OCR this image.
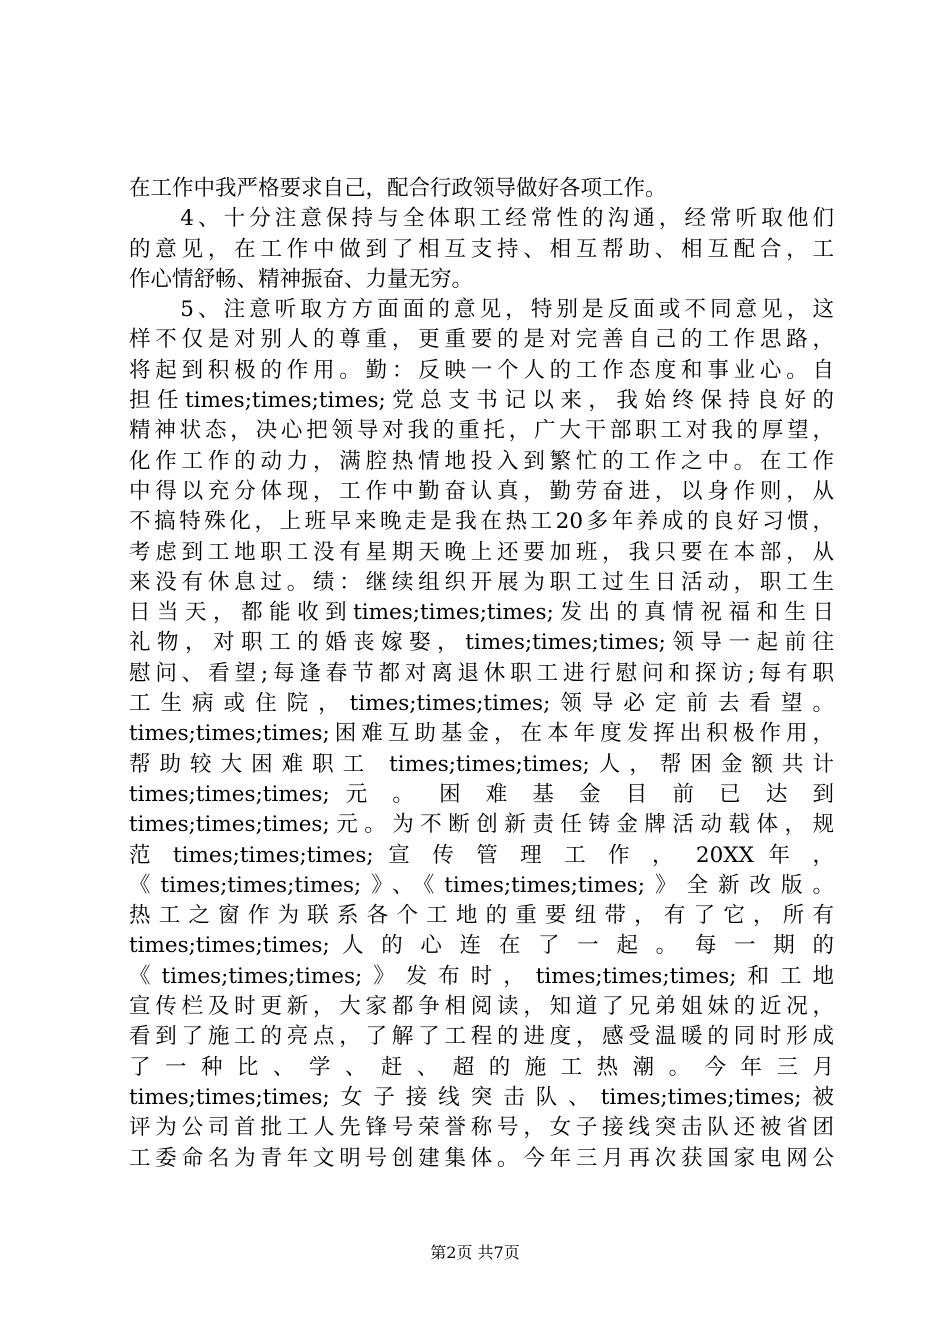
在工作中我严格要求自己，配合行政领导做好各项工作。
　　4、十分注意保持与全体职工经常性的沟通，经常听取他们
的意见，在工作中做到了相互支持、相互帮助、相互配合，工
作心情舒畅、精神振奋、力量无穷。
　　5、注意听取方方面面的意见，特别是反面或不同意见，这
样不仅是对别人的尊重，更重要的是对完善自己的工作思路，
将起到积极的作用。勤：反映一个人的工作态度和事业心。自
担任times;times;times;党总支书记以来，我始终保持良好的
精神状态，决心把领导对我的重托，广大干部职工对我的厚望，
化作工作的动力，满腔热情地投入到繁忙的工作之中。在工作
中得以充分体现，工作中勤奋认真，勤劳奋进，以身作则，从
不搞特殊化，上班早来晚走是我在热工20多年养成的良好习惯，
考虑到工地职工没有星期天晚上还要加班，我只要在本部，从
来没有休息过。绩：继续组织开展为职工过生日活动，职工生
日当天，都能收到times;times;times;发出的真情祝福和生日
礼物，对职工的婚丧嫁娶，times;times;times;领导一起前往
慰问、看望;每逢春节都对离退休职工进行慰问和探访;每有职
工生病或住院，times;times;times;领导必定前去看望。
times;times;times;困难互助基金，在本年度发挥出积极作用，
帮助较大困难职工 times;times;times;人，帮困金额共计
times;times;times; 元 。 困 难 基 金 目 前 已 达 到
times;times;times;元。为不断创新责任铸金牌活动载体，规
范 times;times;times; 宣 传 管 理 工 作 ， 20XX 年 ，
《times;times;times;》、《times;times;times;》全新改版。
热工之窗作为联系各个工地的重要纽带，有了它，所有
times;times;times; 人 的 心 连 在 了 一 起 。 每 一 期 的
《times;times;times;》发布时，times;times;times;和工地
宣传栏及时更新，大家都争相阅读，知道了兄弟姐妹的近况，
看到了施工的亮点，了解了工程的进度，感受温暖的同时形成
了 一 种 比 、 学 、 赶 、 超 的 施 工 热 潮 。 今 年 三 月
times;times;times;女子接线突击队、times;times;times;被
评为公司首批工人先锋号荣誉称号，女子接线突击队还被省团
工委命名为青年文明号创建集体。今年三月再次获国家电网公
第2页 共7页
